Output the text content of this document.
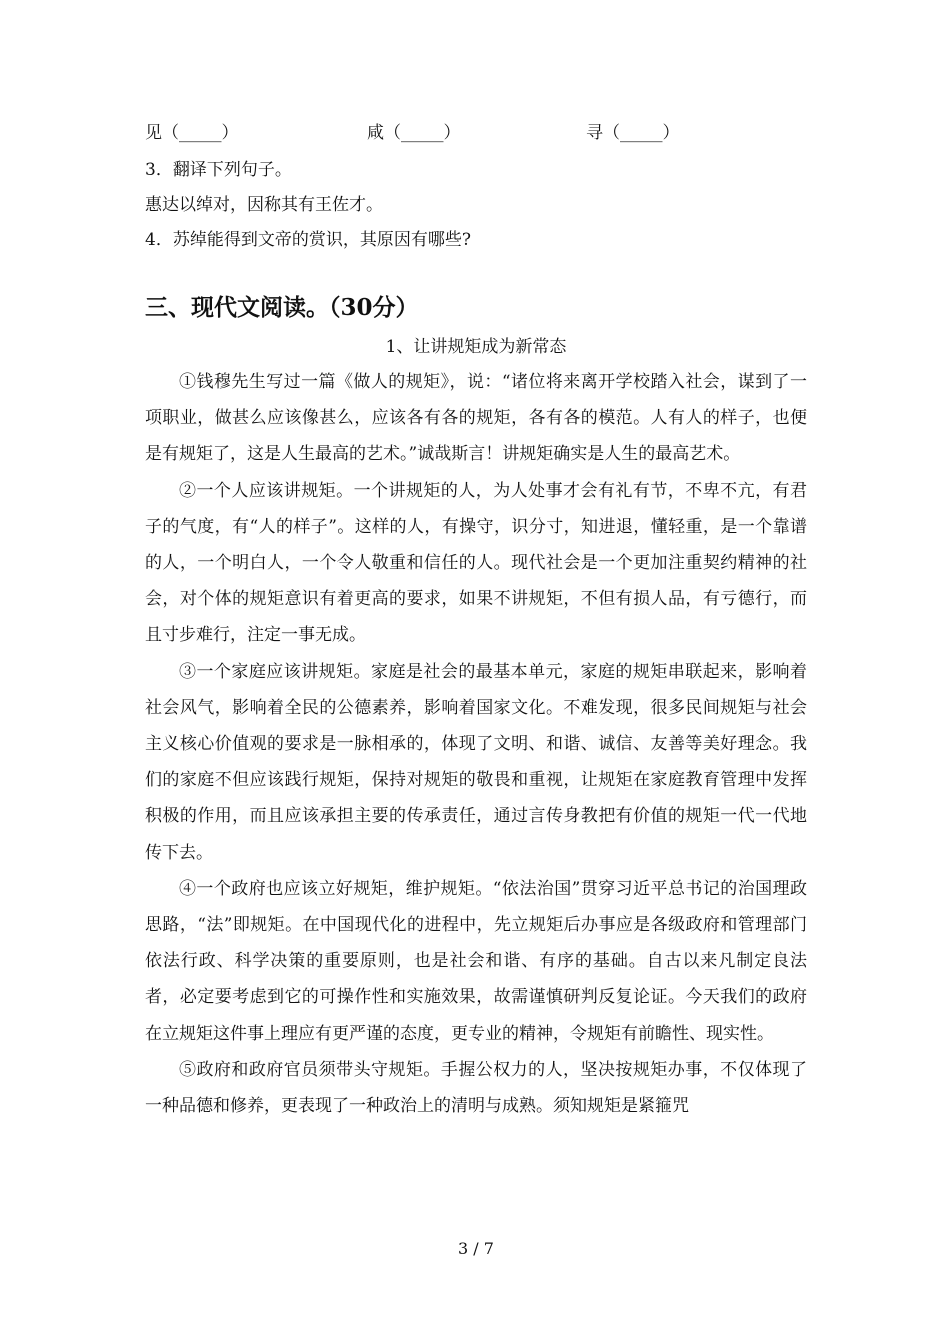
见（_____）	咸（_____）	寻（_____）
3．翻译下列句子。
惠达以绰对，因称其有王佐才。
4．苏绰能得到文帝的赏识，其原因有哪些?
三、现代文阅读。（30分）
1、让讲规矩成为新常态

①钱穆先生写过一篇《做人的规矩》，说：“诸位将来离开学校踏入社会，谋到了一项职业，做甚么应该像甚么，应该各有各的规矩，各有各的模范。人有人的样子，也便是有规矩了，这是人生最高的艺术。”诚哉斯言！讲规矩确实是人生的最高艺术。

②一个人应该讲规矩。一个讲规矩的人，为人处事才会有礼有节，不卑不亢，有君子的气度，有“人的样子”。这样的人，有操守，识分寸，知进退，懂轻重，是一个靠谱的人，一个明白人，一个令人敬重和信任的人。现代社会是一个更加注重契约精神的社会，对个体的规矩意识有着更高的要求，如果不讲规矩，不但有损人品，有亏德行，而且寸步难行，注定一事无成。

③一个家庭应该讲规矩。家庭是社会的最基本单元，家庭的规矩串联起来，影响着社会风气，影响着全民的公德素养，影响着国家文化。不难发现，很多民间规矩与社会主义核心价值观的要求是一脉相承的，体现了文明、和谐、诚信、友善等美好理念。我们的家庭不但应该践行规矩，保持对规矩的敬畏和重视，让规矩在家庭教育管理中发挥积极的作用，而且应该承担主要的传承责任，通过言传身教把有价值的规矩一代一代地传下去。

④一个政府也应该立好规矩，维护规矩。“依法治国”贯穿习近平总书记的治国理政思路，“法”即规矩。在中国现代化的进程中，先立规矩后办事应是各级政府和管理部门依法行政、科学决策的重要原则，也是社会和谐、有序的基础。自古以来凡制定良法者，必定要考虑到它的可操作性和实施效果，故需谨慎研判反复论证。今天我们的政府在立规矩这件事上理应有更严谨的态度，更专业的精神，令规矩有前瞻性、现实性。

⑤政府和政府官员须带头守规矩。手握公权力的人，坚决按规矩办事，不仅体现了一种品德和修养，更表现了一种政治上的清明与成熟。须知规矩是紧箍咒

3 / 7
